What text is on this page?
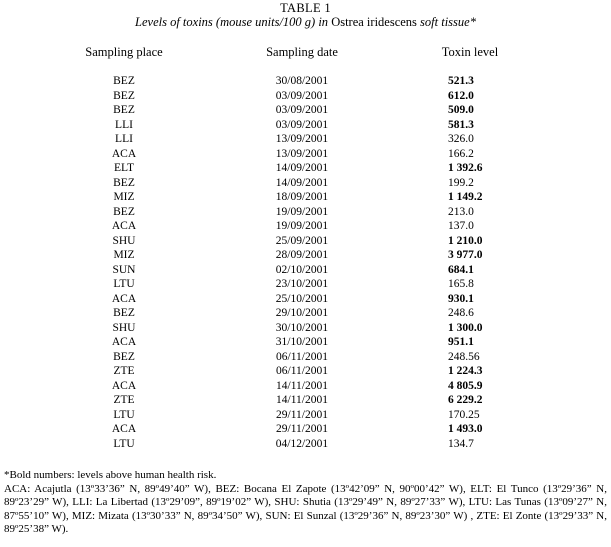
TABLE 1
Levels of toxins (mouse units/100 g) in Ostrea iridescens soft tissue*
Sampling place	Sampling date	Toxin level
BEZ	30/08/2001	521.3
BEZ	03/09/2001	612.0
BEZ	03/09/2001	509.0
LLI	03/09/2001	581.3
LLI	13/09/2001	326.0
ACA	13/09/2001	166.2
ELT	14/09/2001	1 392.6
BEZ	14/09/2001	199.2
MIZ	18/09/2001	1 149.2
BEZ	19/09/2001	213.0
ACA	19/09/2001	137.0
SHU	25/09/2001	1 210.0
MIZ	28/09/2001	3 977.0
SUN	02/10/2001	684.1
LTU	23/10/2001	165.8
ACA	25/10/2001	930.1
BEZ	29/10/2001	248.6
SHU	30/10/2001	1 300.0
ACA	31/10/2001	951.1
BEZ	06/11/2001	248.56
ZTE	06/11/2001	1 224.3
ACA	14/11/2001	4 805.9
ZTE	14/11/2001	6 229.2
LTU	29/11/2001	170.25
ACA	29/11/2001	1 493.0
LTU	04/12/2001	134.7
*Bold numbers: levels above human health risk.
ACA: Acajutla (13º33’36” N, 89º49’40” W), BEZ: Bocana El Zapote (13º42’09” N, 90º00’42” W), ELT: El Tunco (13º29’36” N, 89º23’29” W), LLI: La Libertad (13º29’09”, 89º19’02” W), SHU: Shutia (13º29’49” N, 89º27’33” W), LTU: Las Tunas (13º09’27” N, 87º55’10” W), MIZ: Mizata (13º30’33” N, 89º34’50” W), SUN: El Sunzal (13º29’36” N, 89º23’30” W) , ZTE: El Zonte (13º29’33” N, 89º25’38” W).
